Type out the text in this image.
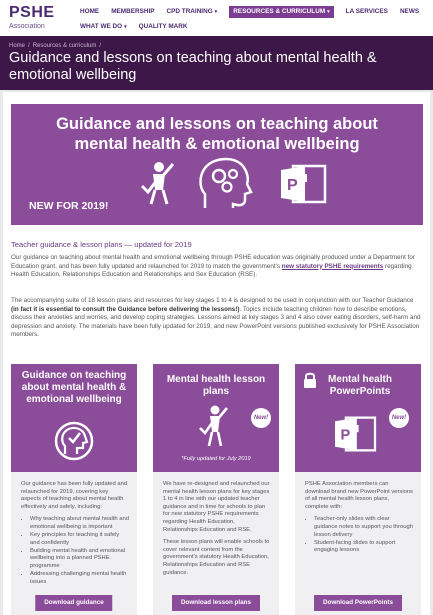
PSHE
Association
HOME MEMBERSHIP CPD TRAINING ▾	RESOURCES & CURRICULUM ▾	LA SERVICES NEWS
WHAT WE DO ▾ QUALITY MARK
Home / Resources & curriculum /
Guidance and lessons on teaching about mental health & emotional wellbeing
Guidance and lessons on teaching about
mental health & emotional wellbeing
P
NEW FOR 2019!
Teacher guidance & lesson plans — updated for 2019
Our guidance on teaching about mental health and emotional wellbeing through PSHE education was originally produced under a Department for Education grant, and has been fully updated and relaunched for 2019 to match the government's new statutory PSHE requirements regarding Health Education, Relationships Education and Relationships and Sex Education (RSE).
The accompanying suite of 18 lesson plans and resources for key stages 1 to 4 is designed to be used in conjunction with our Teacher Guidance (in fact it is essential to consult the Guidance before delivering the lessons!). Topics include teaching children how to describe emotions, discuss their anxieties and worries, and develop coping strategies. Lessons aimed at key stages 3 and 4 also cover eating disorders, self-harm and depression and anxiety. The materials have been fully updated for 2019, and new PowerPoint versions published exclusively for PSHE Association members.
Guidance on teaching about mental health & emotional wellbeing

Our guidance has been fully updated and relaunched for 2019, covering key aspects of teaching about mental health effectively and safely, including:

• Why teaching about mental health and emotional wellbeing is important
• Key principles for teaching it safely and confidently
• Building mental health and emotional wellbeing into a planned PSHE programme
• Addressing challenging mental health issues
Download guidance
Mental health lesson plans
New!
*Fully updated for July 2019

We have re-designed and relaunched our mental health lesson plans for key stages 1 to 4 in line with our updated teacher guidance and in time for schools to plan for new statutory PSHE requirements regarding Health Education, Relationships Education and RSE.

These lesson plans will enable schools to cover relevant content from the government's statutory Health Education, Relationships Education and RSE guidance.

Download lesson plans
Mental health PowerPoints
P
New!

PSHE Association members can download brand new PowerPoint versions of all mental health lesson plans, complete with:

• Teacher-only slides with clear guidance notes to support you through lesson delivery
• Student-facing slides to support engaging lessons
Download PowerPoints
